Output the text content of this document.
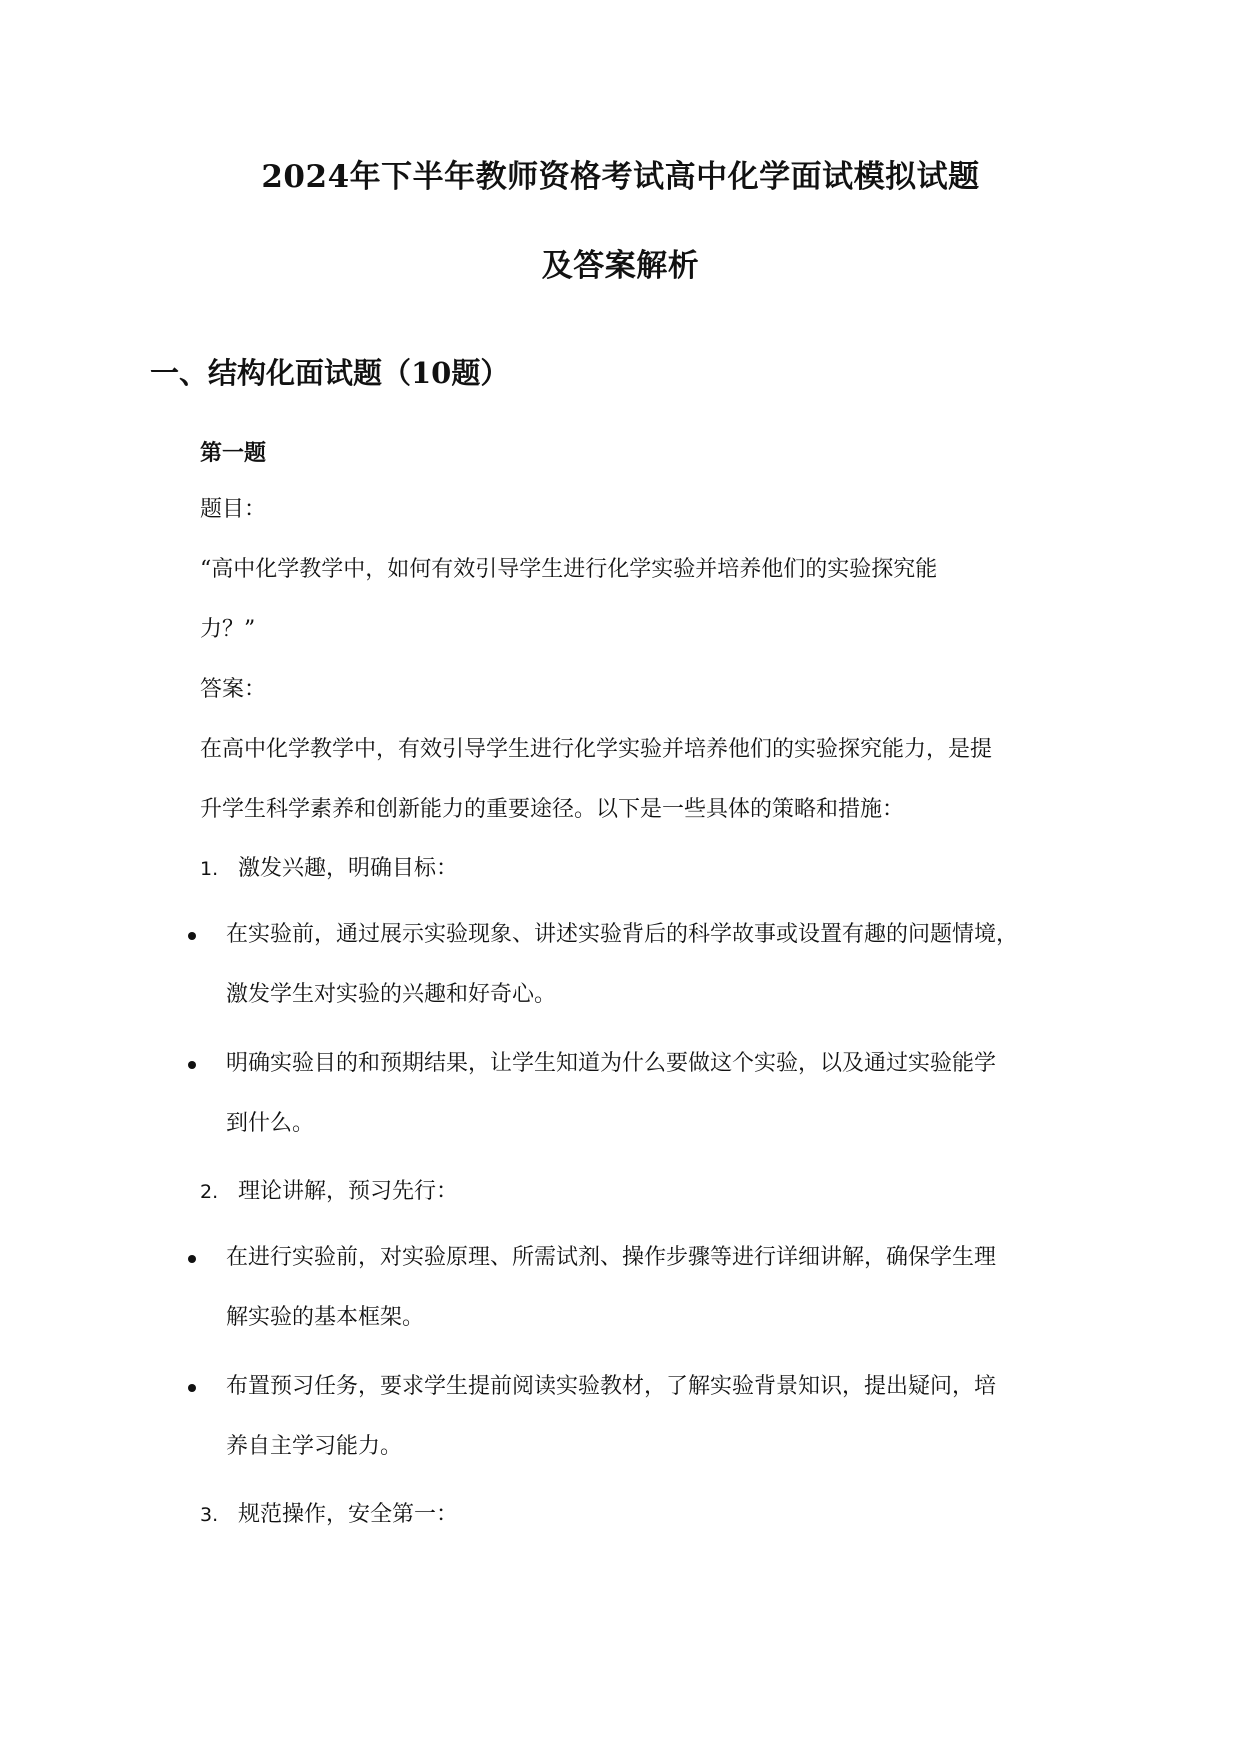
2024年下半年教师资格考试高中化学面试模拟试题
及答案解析
一、结构化面试题（10题）
第一题
题目：
“高中化学教学中，如何有效引导学生进行化学实验并培养他们的实验探究能
力？”
答案：
在高中化学教学中，有效引导学生进行化学实验并培养他们的实验探究能力，是提
升学生科学素养和创新能力的重要途径。以下是一些具体的策略和措施：
1. 激发兴趣，明确目标：
在实验前，通过展示实验现象、讲述实验背后的科学故事或设置有趣的问题情境，
激发学生对实验的兴趣和好奇心。
明确实验目的和预期结果，让学生知道为什么要做这个实验，以及通过实验能学
到什么。
2. 理论讲解，预习先行：
在进行实验前，对实验原理、所需试剂、操作步骤等进行详细讲解，确保学生理
解实验的基本框架。
布置预习任务，要求学生提前阅读实验教材，了解实验背景知识，提出疑问，培
养自主学习能力。
3. 规范操作，安全第一：
